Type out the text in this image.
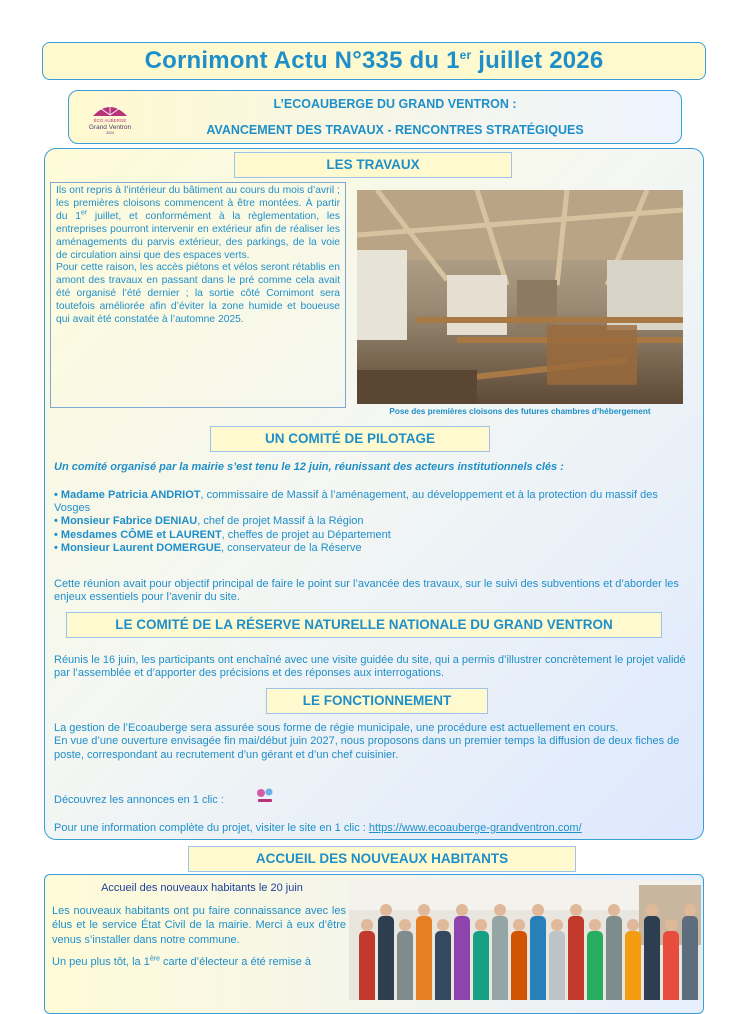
Cornimont Actu N°335 du 1er juillet 2026
ÉCO AUBERGE
Grand Ventron
2024
L’ECOAUBERGE DU GRAND VENTRON :
AVANCEMENT DES TRAVAUX - RENCONTRES STRATÉGIQUES
LES TRAVAUX

Ils ont repris à l’intérieur du bâtiment au cours du mois d’avril ; les premières cloisons commencent à être montées. À partir du 1er juillet, et conformément à la règlementation, les entreprises pourront intervenir en extérieur afin de réaliser les aménagements du parvis extérieur, des parkings, de la voie de circulation ainsi que des espaces verts.

Pour cette raison, les accès piétons et vélos seront rétablis en amont des travaux en passant dans le pré comme cela avait été organisé l’été dernier ; la sortie côté Cornimont sera toutefois améliorée afin d’éviter la zone humide et boueuse qui avait été constatée à l’automne 2025.

Pose des premières cloisons des futures chambres d’hébergement
UN COMITÉ DE PILOTAGE
Un comité organisé par la mairie s’est tenu le 12 juin, réunissant des acteurs institutionnels clés :
• Madame Patricia ANDRIOT, commissaire de Massif à l’aménagement, au développement et à la protection du massif des Vosges
• Monsieur Fabrice DENIAU, chef de projet Massif à la Région
• Mesdames CÔME et LAURENT, cheffes de projet au Département
• Monsieur Laurent DOMERGUE, conservateur de la Réserve
Cette réunion avait pour objectif principal de faire le point sur l’avancée des travaux, sur le suivi des subventions et d’aborder les enjeux essentiels pour l’avenir du site.
LE COMITÉ DE LA RÉSERVE NATURELLE NATIONALE DU GRAND VENTRON
Réunis le 16 juin, les participants ont enchaîné avec une visite guidée du site, qui a permis d’illustrer concrètement le projet validé par l’assemblée et d’apporter des précisions et des réponses aux interrogations.
LE FONCTIONNEMENT

La gestion de l’Ecoauberge sera assurée sous forme de régie municipale, une procédure est actuellement en cours.

En vue d’une ouverture envisagée fin mai/début juin 2027, nous proposons dans un premier temps la diffusion de deux fiches de poste, correspondant au recrutement d’un gérant et d’un chef cuisinier.

Découvrez les annonces en 1 clic :
Pour une information complète du projet, visiter le site en 1 clic : https://www.ecoauberge-grandventron.com/
ACCUEIL DES NOUVEAUX HABITANTS
Accueil des nouveaux habitants le 20 juin

Les nouveaux habitants ont pu faire connaissance avec les élus et le service État Civil de la mairie. Merci à eux d’être venus s’installer dans notre commune.

Un peu plus tôt, la 1ère carte d’électeur a été remise à
